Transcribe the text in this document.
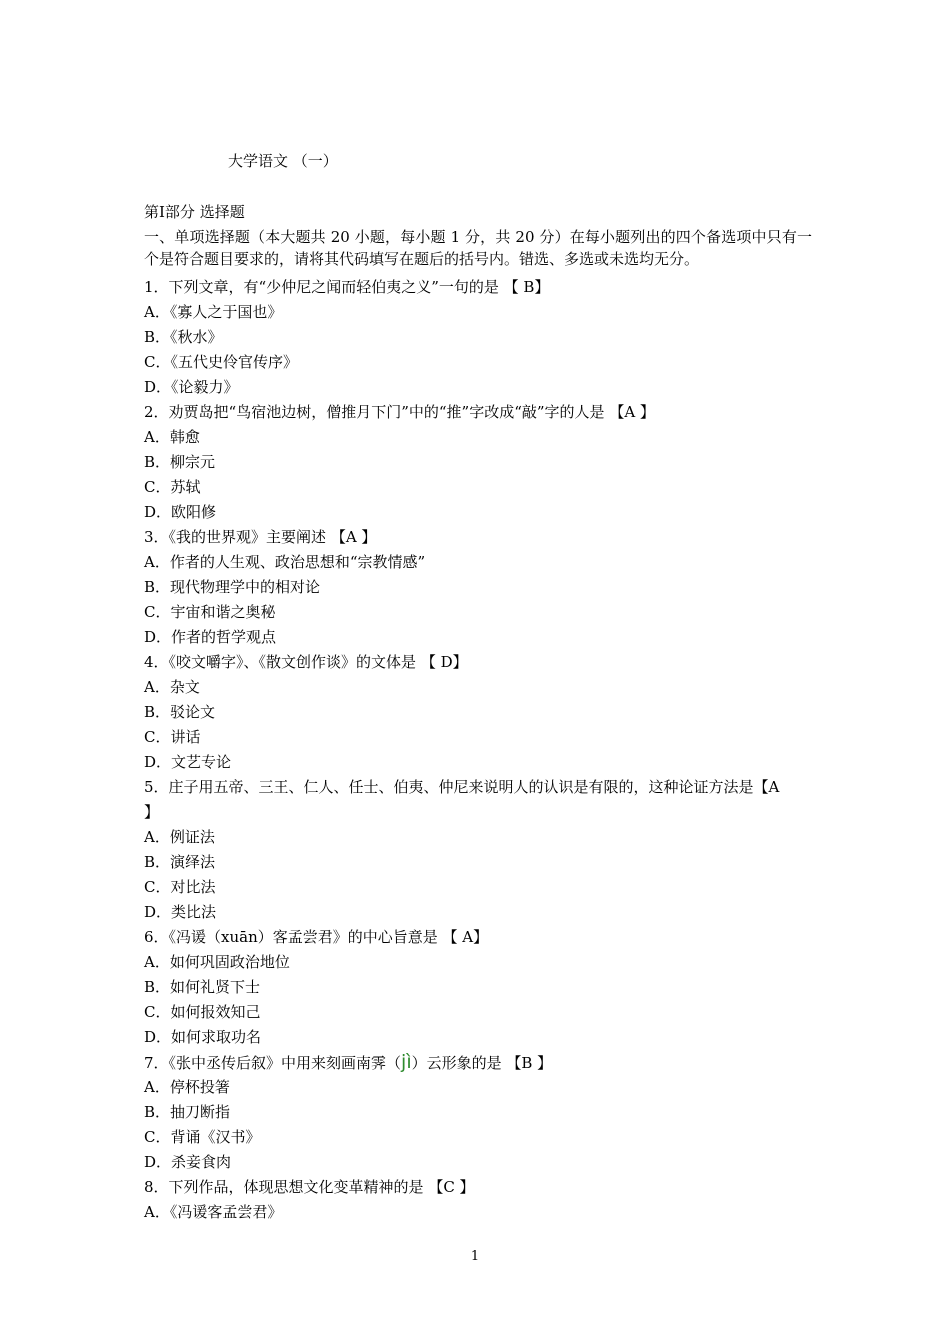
大学语文 （一）
第Ⅰ部分 选择题
一、单项选择题（本大题共 20 小题，每小题 1 分，共 20 分）在每小题列出的四个备选项中只有一个是符合题目要求的，请将其代码填写在题后的括号内。错选、多选或未选均无分。
1．下列文章，有“少仲尼之闻而轻伯夷之义”一句的是 【 B】
A．《寡人之于国也》
B．《秋水》
C．《五代史伶官传序》
D．《论毅力》
2．劝贾岛把“鸟宿池边树，僧推月下门”中的“推”字改成“敲”字的人是 【A 】
A．韩愈
B．柳宗元
C．苏轼
D．欧阳修
3．《我的世界观》主要阐述 【A 】
A．作者的人生观、政治思想和“宗教情感”
B．现代物理学中的相对论
C．宇宙和谐之奥秘
D．作者的哲学观点
4．《咬文嚼字》、《散文创作谈》的文体是 【 D】
A．杂文
B．驳论文
C．讲话
D．文艺专论
5．庄子用五帝、三王、仁人、任士、伯夷、仲尼来说明人的认识是有限的，这种论证方法是【A
】
A．例证法
B．演绎法
C．对比法
D．类比法
6．《冯谖（xuān）客孟尝君》的中心旨意是 【 A】
A．如何巩固政治地位
B．如何礼贤下士
C．如何报效知己
D．如何求取功名
7．《张中丞传后叙》中用来刻画南霁（jì）云形象的是 【B 】
A．停杯投箸
B．抽刀断指
C．背诵《汉书》
D．杀妾食肉
8．下列作品，体现思想文化变革精神的是 【C 】
A．《冯谖客孟尝君》
1
